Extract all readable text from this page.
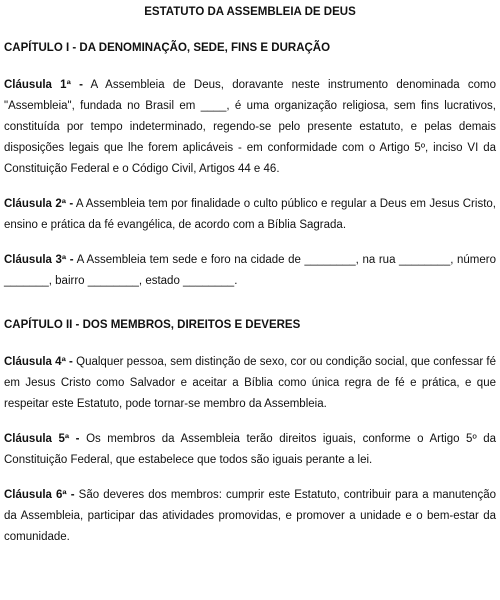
ESTATUTO DA ASSEMBLEIA DE DEUS
CAPÍTULO I - DA DENOMINAÇÃO, SEDE, FINS E DURAÇÃO

Cláusula 1ª - A Assembleia de Deus, doravante neste instrumento denominada como "Assembleia", fundada no Brasil em ____, é uma organização religiosa, sem fins lucrativos, constituída por tempo indeterminado, regendo-se pelo presente estatuto, e pelas demais disposições legais que lhe forem aplicáveis - em conformidade com o Artigo 5º, inciso VI da Constituição Federal e o Código Civil, Artigos 44 e 46.

Cláusula 2ª - A Assembleia tem por finalidade o culto público e regular a Deus em Jesus Cristo, ensino e prática da fé evangélica, de acordo com a Bíblia Sagrada.

Cláusula 3ª - A Assembleia tem sede e foro na cidade de ________, na rua ________, número _______, bairro ________, estado ________.

CAPÍTULO II - DOS MEMBROS, DIREITOS E DEVERES

Cláusula 4ª - Qualquer pessoa, sem distinção de sexo, cor ou condição social, que confessar fé em Jesus Cristo como Salvador e aceitar a Bíblia como única regra de fé e prática, e que respeitar este Estatuto, pode tornar-se membro da Assembleia.

Cláusula 5ª - Os membros da Assembleia terão direitos iguais, conforme o Artigo 5º da Constituição Federal, que estabelece que todos são iguais perante a lei.

Cláusula 6ª - São deveres dos membros: cumprir este Estatuto, contribuir para a manutenção da Assembleia, participar das atividades promovidas, e promover a unidade e o bem-estar da comunidade.
